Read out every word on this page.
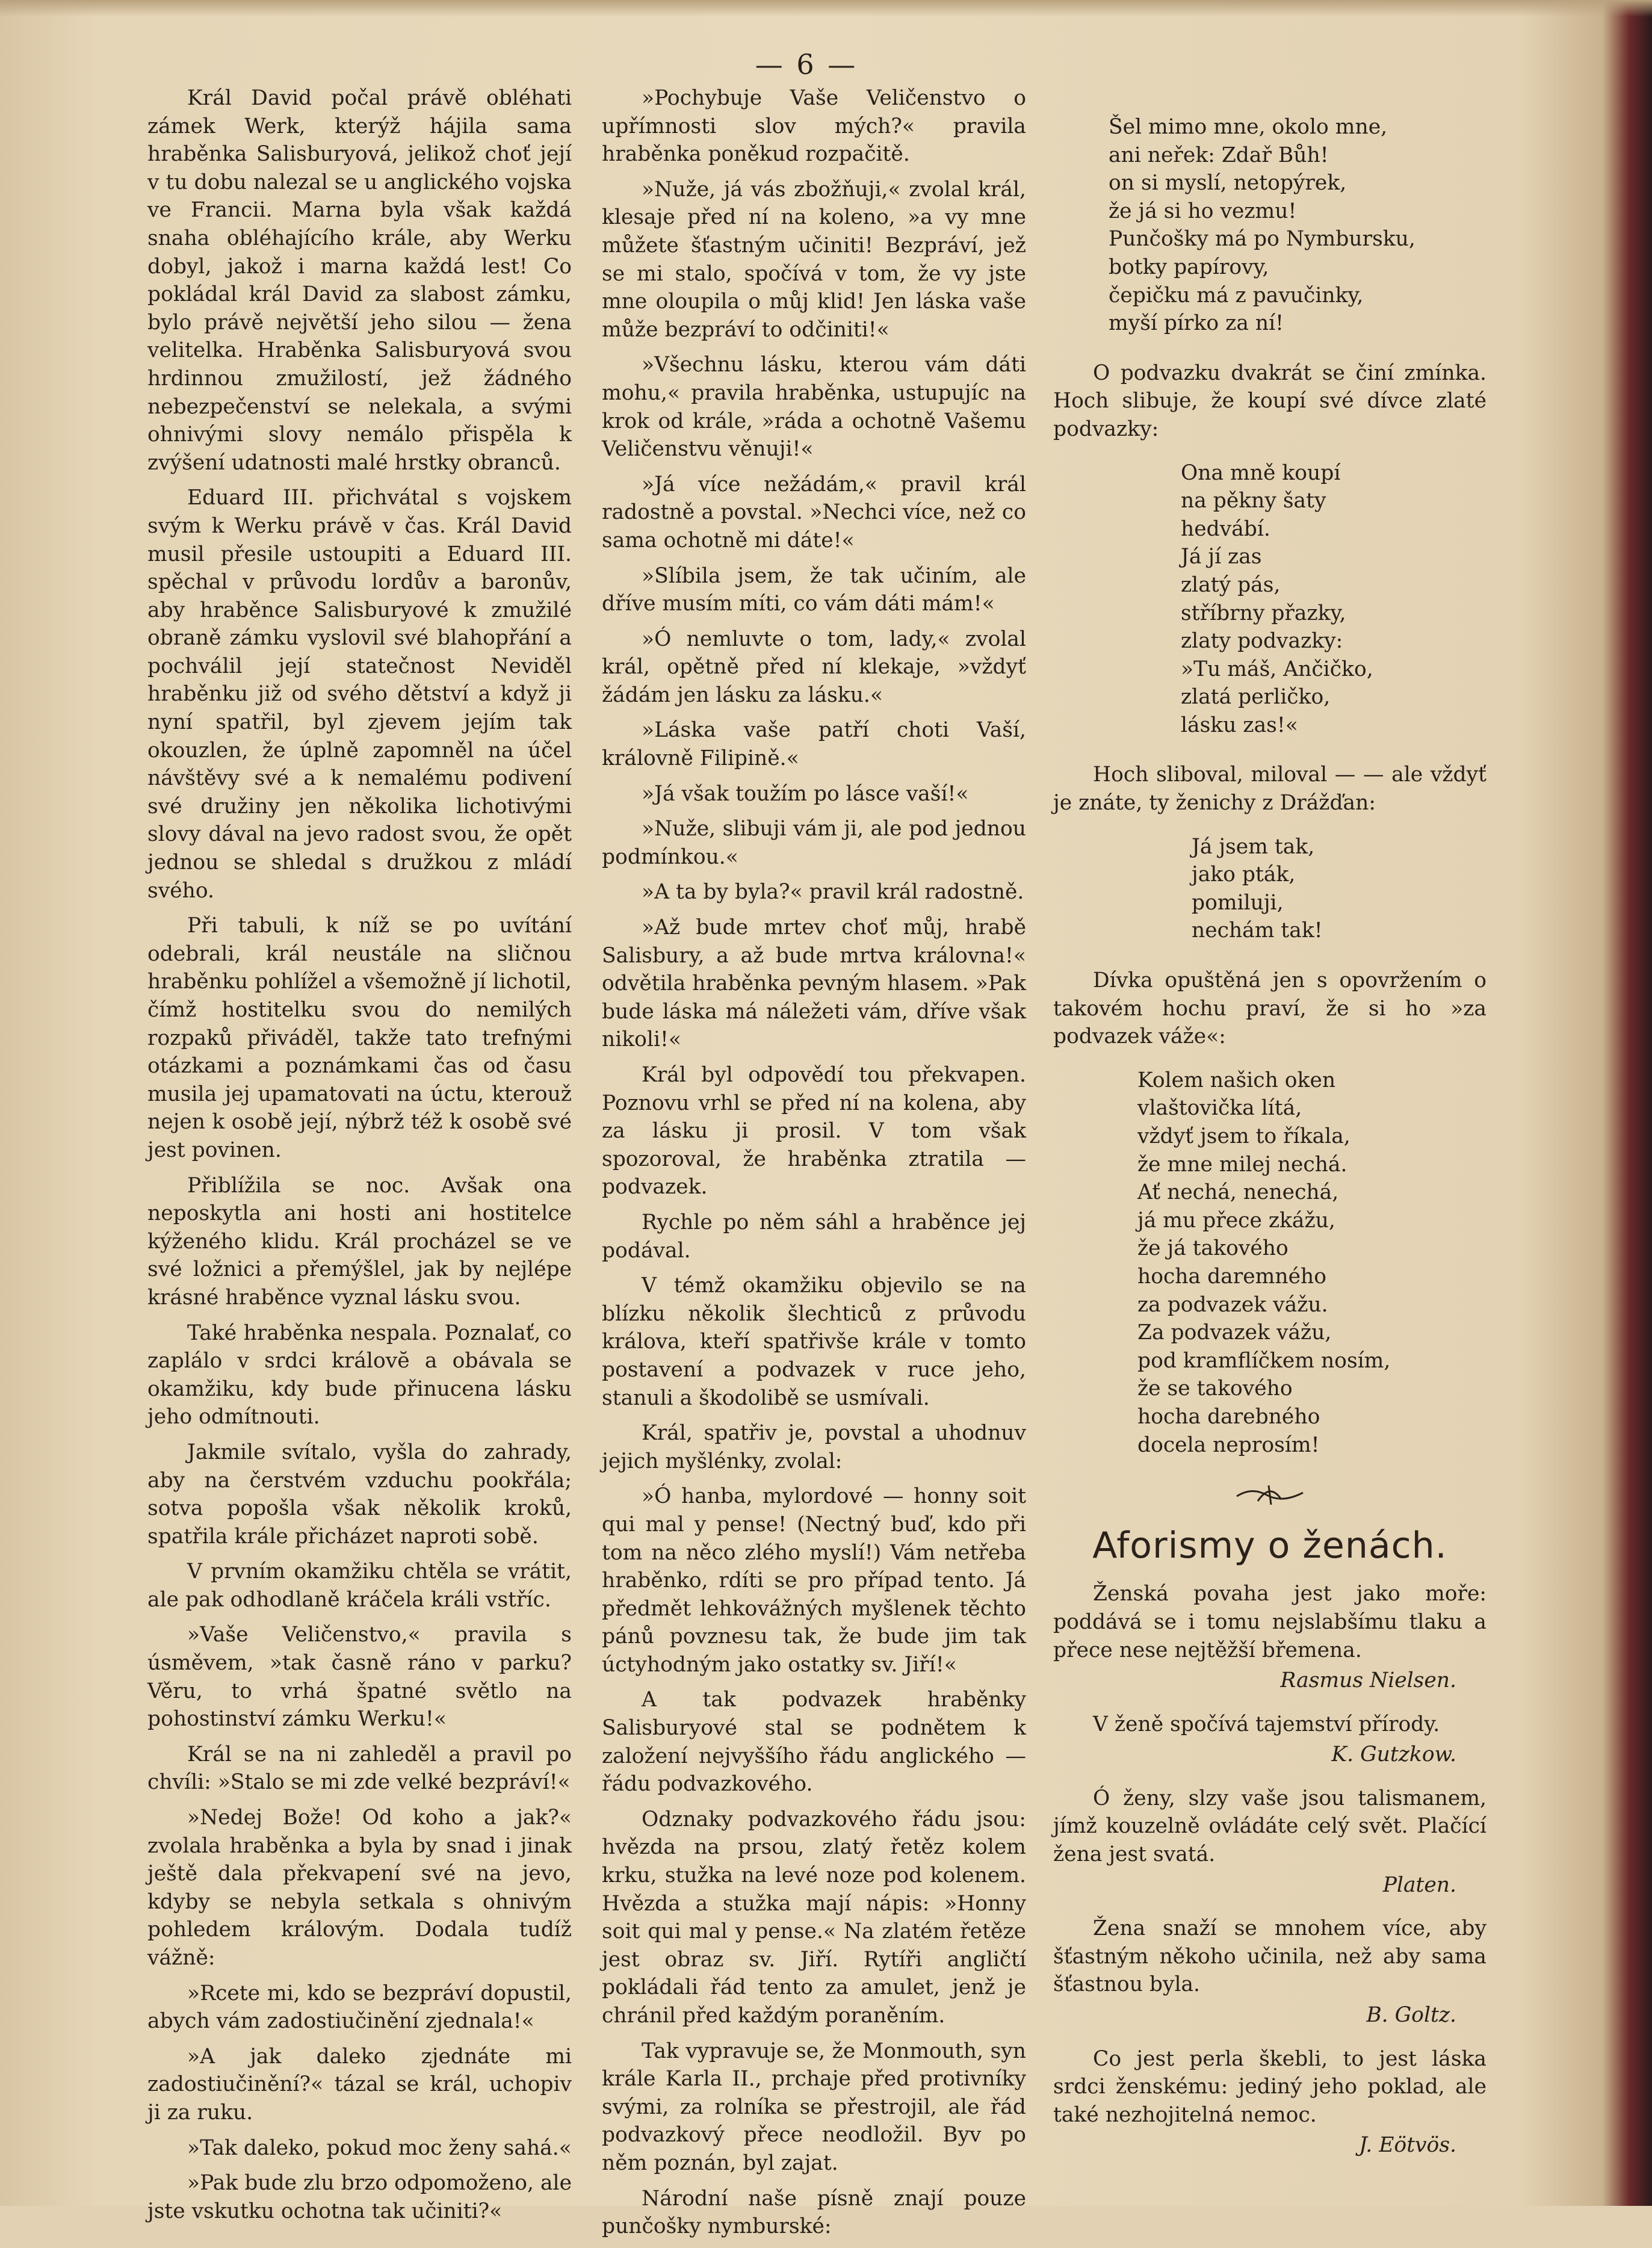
— 6 —

Král David počal právě obléhati zámek Werk, kterýž hájila sama hraběnka Salisburyová, jelikož choť její v tu dobu nalezal se u anglického vojska ve Francii. Marna byla však každá snaha obléhajícího krále, aby Werku dobyl, jakož i marna každá lest! Co pokládal král David za slabost zámku, bylo právě největší jeho silou — žena velitelka. Hraběnka Salisburyová svou hrdinnou zmužilostí, jež žádného nebezpečenství se nelekala, a svými ohnivými slovy nemálo přispěla k zvýšení udatnosti malé hrstky obranců.

Eduard III. přichvátal s vojskem svým k Werku právě v čas. Král David musil přesile ustoupiti a Eduard III. spěchal v průvodu lordův a baronův, aby hraběnce Salisburyové k zmužilé obraně zámku vyslovil své blahopřání a pochválil její statečnost Neviděl hraběnku již od svého dětství a když ji nyní spatřil, byl zjevem jejím tak okouzlen, že úplně zapomněl na účel návštěvy své a k nemalému podivení své družiny jen několika lichotivými slovy dával na jevo radost svou, že opět jednou se shledal s družkou z mládí svého.

Při tabuli, k níž se po uvítání odebrali, král neustále na sličnou hraběnku pohlížel a všemožně jí lichotil, čímž hostitelku svou do nemilých rozpaků přiváděl, takže tato trefnými otázkami a poznámkami čas od času musila jej upamatovati na úctu, kterouž nejen k osobě její, nýbrž též k osobě své jest povinen.

Přiblížila se noc. Avšak ona neposkytla ani hosti ani hostitelce kýženého klidu. Král procházel se ve své ložnici a přemýšlel, jak by nejlépe krásné hraběnce vyznal lásku svou.

Také hraběnka nespala. Poznalať, co zaplálo v srdci královĕ a obávala se okamžiku, kdy bude přinucena lásku jeho odmítnouti.

Jakmile svítalo, vyšla do zahrady, aby na čerstvém vzduchu pookřála; sotva popošla však několik kroků, spatřila krále přicházet naproti sobě.

V prvním okamžiku chtěla se vrátit, ale pak odhodlaně kráčela králi vstříc.

»Vaše Veličenstvo,« pravila s úsměvem, »tak časně ráno v parku? Věru, to vrhá špatné světlo na pohostinství zámku Werku!«

Král se na ni zahleděl a pravil po chvíli: »Stalo se mi zde velké bezpráví!«

»Nedej Bože! Od koho a jak?« zvolala hraběnka a byla by snad i jinak ještě dala překvapení své na jevo, kdyby se nebyla setkala s ohnivým pohledem královým. Dodala tudíž vážně:

»Rcete mi, kdo se bezpráví dopustil, abych vám zadostiučinění zjednala!«

»A jak daleko zjednáte mi zadostiučinění?« tázal se král, uchopiv ji za ruku.

»Tak daleko, pokud moc ženy sahá.«

»Pak bude zlu brzo odpomoženo, ale jste vskutku ochotna tak učiniti?«

»Pochybuje Vaše Veličenstvo o upřímnosti slov mých?« pravila hraběnka poněkud rozpačitě.

»Nuže, já vás zbožňuji,« zvolal král, klesaje před ní na koleno, »a vy mne můžete šťastným učiniti! Bezpráví, jež se mi stalo, spočívá v tom, že vy jste mne oloupila o můj klid! Jen láska vaše může bezpráví to odčiniti!«

»Všechnu lásku, kterou vám dáti mohu,« pravila hraběnka, ustupujíc na krok od krále, »ráda a ochotně Vašemu Veličenstvu věnuji!«

»Já více nežádám,« pravil král radostně a povstal. »Nechci více, než co sama ochotně mi dáte!«

»Slíbila jsem, že tak učiním, ale dříve musím míti, co vám dáti mám!«

»Ó nemluvte o tom, lady,« zvolal král, opětně před ní klekaje, »vždyť žádám jen lásku za lásku.«

»Láska vaše patří choti Vaší, královně Filipině.«

»Já však toužím po lásce vaší!«

»Nuže, slibuji vám ji, ale pod jednou podmínkou.«

»A ta by byla?« pravil král radostně.

»Až bude mrtev choť můj, hrabě Salisbury, a až bude mrtva královna!« odvětila hraběnka pevným hlasem. »Pak bude láska má náležeti vám, dříve však nikoli!«

Král byl odpovědí tou překvapen. Poznovu vrhl se před ní na kolena, aby za lásku ji prosil. V tom však spozoroval, že hraběnka ztratila — podvazek.

Rychle po něm sáhl a hraběnce jej podával.

V témž okamžiku objevilo se na blízku několik šlechticů z průvodu králova, kteří spatřivše krále v tomto postavení a podvazek v ruce jeho, stanuli a škodolibě se usmívali.

Král, spatřiv je, povstal a uhodnuv jejich myšlénky, zvolal:

»Ó hanba, mylordové — honny soit qui mal y pense! (Nectný buď, kdo při tom na něco zlého myslí!) Vám netřeba hraběnko, rdíti se pro případ tento. Já předmět lehkovážných myšlenek těchto pánů povznesu tak, že bude jim tak úctyhodným jako ostatky sv. Jiří!«

A tak podvazek hraběnky Salisburyové stal se podnětem k založení nejvyššího řádu anglického — řádu podvazkového.

Odznaky podvazkového řádu jsou: hvězda na prsou, zlatý řetěz kolem krku, stužka na levé noze pod kolenem. Hvězda a stužka mají nápis: »Honny soit qui mal y pense.« Na zlatém řetěze jest obraz sv. Jiří. Rytíři angličtí pokládali řád tento za amulet, jenž je chránil před každým poraněním.

Tak vypravuje se, že Monmouth, syn krále Karla II., prchaje před protivníky svými, za rolníka se přestrojil, ale řád podvazkový přece neodložil. Byv po něm poznán, byl zajat.

Národní naše písně znají pouze punčošky nymburské:

Šel mimo mne, okolo mne,
ani neřek: Zdař Bůh!
on si myslí, netopýrek,
že já si ho vezmu!
Punčošky má po Nymbursku,
botky papírovy,
čepičku má z pavučinky,
myší pírko za ní!

O podvazku dvakrát se činí zmínka. Hoch slibuje, že koupí své dívce zlaté podvazky:

Ona mně koupí
na pěkny šaty
hedvábí.
Já jí zas
zlatý pás,
stříbrny přazky,
zlaty podvazky:
»Tu máš, Ančičko,
zlatá perličko,
lásku zas!«

Hoch sliboval, miloval — — ale vždyť je znáte, ty ženichy z Drážďan:

Já jsem tak,
jako pták,
pomiluji,
nechám tak!

Dívka opuštěná jen s opovržením o takovém hochu praví, že si ho »za podvazek váže«:

Kolem našich oken
vlaštovička lítá,
vždyť jsem to říkala,
že mne milej nechá.
Ať nechá, nenechá,
já mu přece zkážu,
že já takového
hocha daremného
za podvazek vážu.
Za podvazek vážu,
pod kramflíčkem nosím,
že se takového
hocha darebného
docela neprosím!
Aforismy o ženách.

Ženská povaha jest jako moře: poddává se i tomu nejslabšímu tlaku a přece nese nejtěžší břemena.

Rasmus Nielsen.

V ženě spočívá tajemství přírody.

K. Gutzkow.

Ó ženy, slzy vaše jsou talismanem, jímž kouzelně ovládáte celý svět. Plačící žena jest svatá.

Platen.

Žena snaží se mnohem více, aby šťastným někoho učinila, než aby sama šťastnou byla.

B. Goltz.

Co jest perla škebli, to jest láska srdci ženskému: jediný jeho poklad, ale také nezhojitelná nemoc.

J. Eötvös.
